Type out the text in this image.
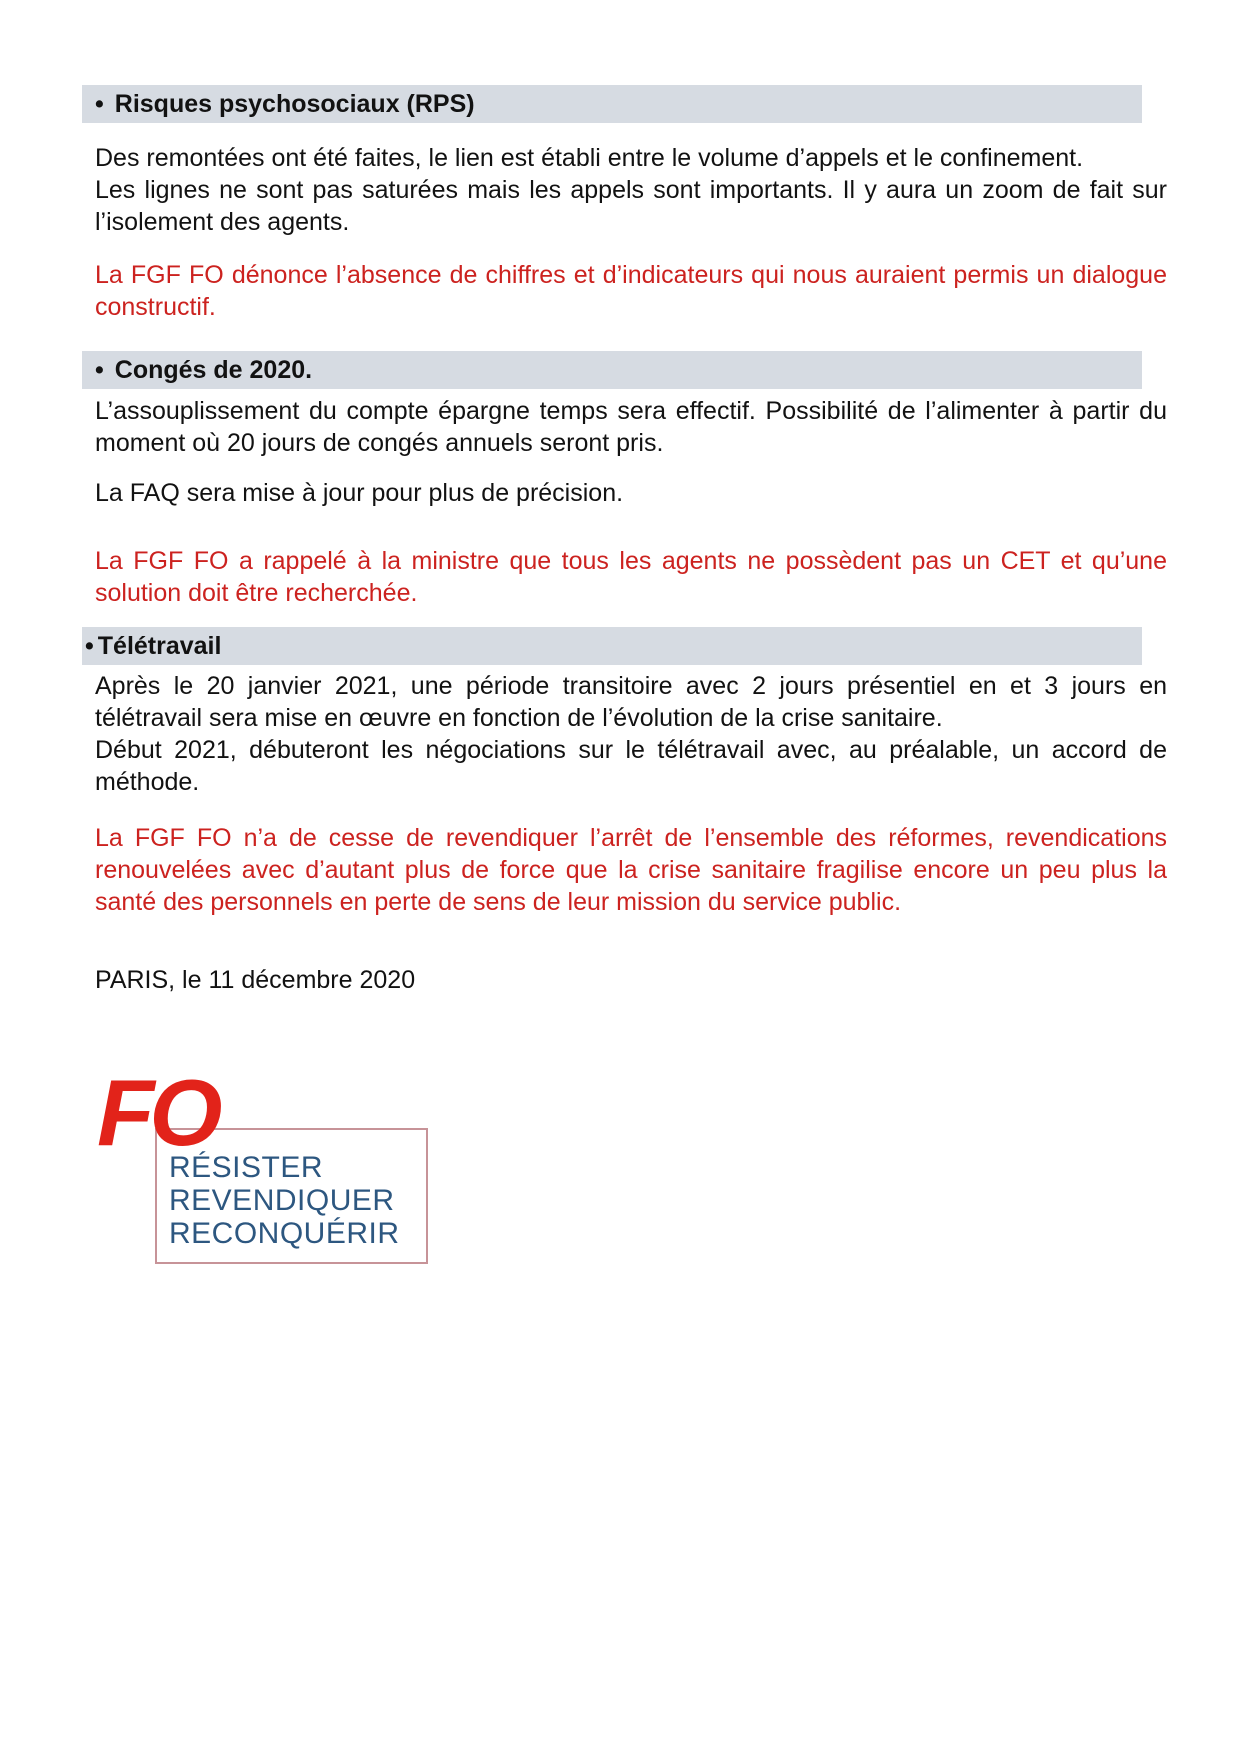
• Risques psychosociaux (RPS)
Des remontées ont été faites, le lien est établi entre le volume d’appels et le confinement.
Les lignes ne sont pas saturées mais les appels sont importants. Il y aura un zoom de fait sur l’isolement des agents.
La FGF FO dénonce l’absence de chiffres et d’indicateurs qui nous auraient permis un dialogue constructif.
• Congés de 2020.
L’assouplissement du compte épargne temps sera effectif. Possibilité de l’alimenter à partir du moment où 20 jours de congés annuels seront pris.
La FAQ sera mise à jour pour plus de précision.
La FGF FO a rappelé à la ministre que tous les agents ne possèdent pas un CET et qu’une solution doit être recherchée.
• Télétravail
Après le 20 janvier 2021, une période transitoire avec 2 jours présentiel en et 3 jours en télétravail sera mise en œuvre en fonction de l’évolution de la crise sanitaire.
Début 2021, débuteront les négociations sur le télétravail avec, au préalable, un accord de méthode.
La FGF FO n’a de cesse de revendiquer l’arrêt de l’ensemble des réformes, revendications renouvelées avec d’autant plus de force que la crise sanitaire fragilise encore un peu plus la santé des personnels en perte de sens de leur mission du service public.
PARIS, le 11 décembre 2020
FO
RÉSISTER
REVENDIQUER
RECONQUÉRIR
